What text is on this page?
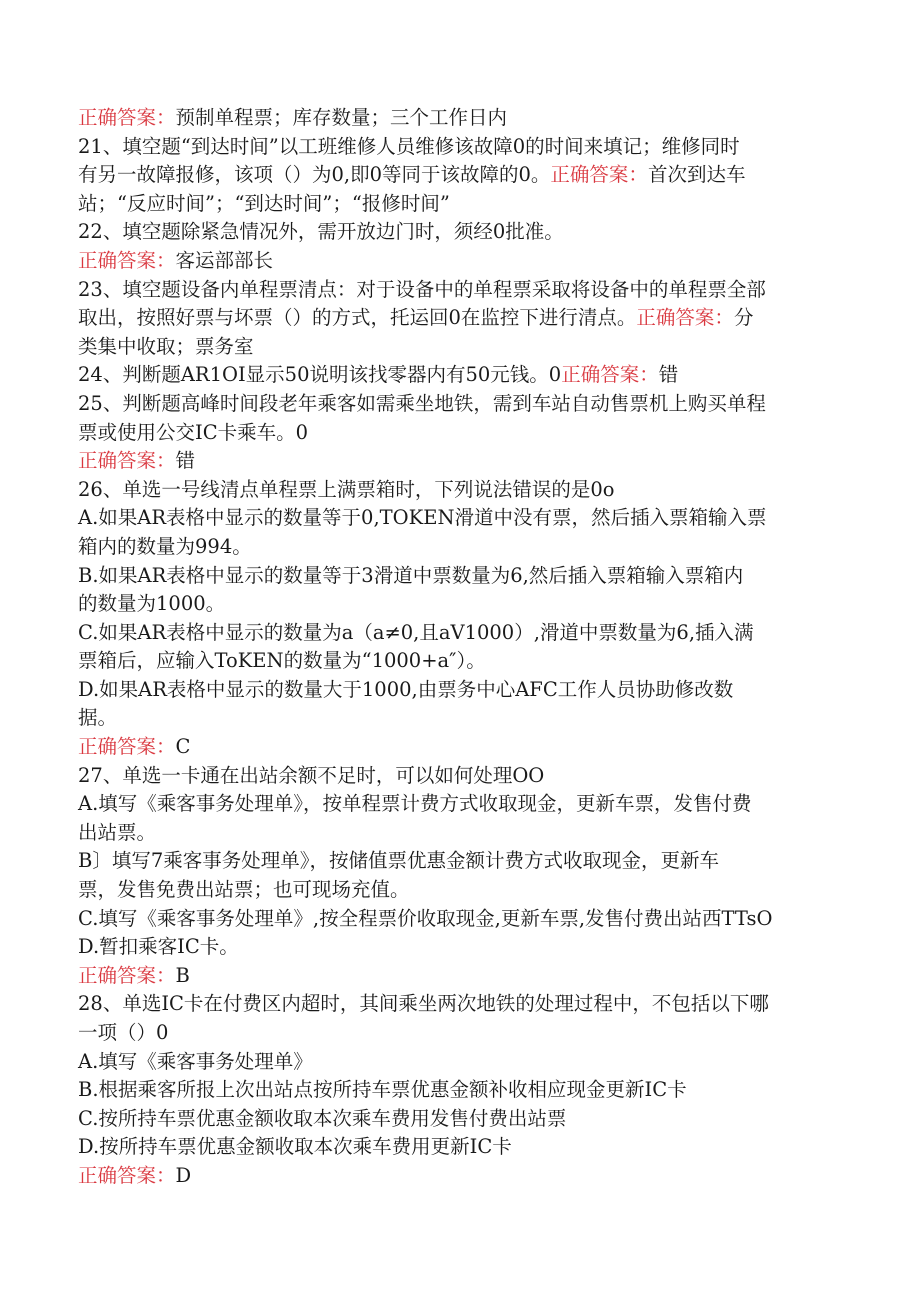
正确答案：预制单程票；库存数量；三个工作日内
21、填空题“到达时间”以工班维修人员维修该故障0的时间来填记；维修同时
有另一故障报修，该项（）为0,即0等同于该故障的0。正确答案：首次到达车
站；“反应时间”；“到达时间”；“报修时间”
22、填空题除紧急情况外，需开放边门时，须经0批准。
正确答案：客运部部长
23、填空题设备内单程票清点：对于设备中的单程票采取将设备中的单程票全部
取出，按照好票与坏票（）的方式，托运回0在监控下进行清点。正确答案：分
类集中收取；票务室
24、判断题AR1OI显示50说明该找零器内有50元钱。0正确答案：错
25、判断题高峰时间段老年乘客如需乘坐地铁，需到车站自动售票机上购买单程
票或使用公交IC卡乘车。0
正确答案：错
26、单选一号线清点单程票上满票箱时，下列说法错误的是0o
A.如果AR表格中显示的数量等于0,TOKEN滑道中没有票，然后插入票箱输入票
箱内的数量为994。
B.如果AR表格中显示的数量等于3滑道中票数量为6,然后插入票箱输入票箱内
的数量为1000。
C.如果AR表格中显示的数量为a（a≠0,且aV1000）,滑道中票数量为6,插入满
票箱后，应输入ToKEN的数量为“1000+a″）。
D.如果AR表格中显示的数量大于1000,由票务中心AFC工作人员协助修改数
据。
正确答案：C
27、单选一卡通在出站余额不足时，可以如何处理OO
A.填写《乘客事务处理单》，按单程票计费方式收取现金，更新车票，发售付费
出站票。
B〕填写7乘客事务处理单》，按储值票优惠金额计费方式收取现金，更新车
票，发售免费出站票；也可现场充值。
C.填写《乘客事务处理单》,按全程票价收取现金,更新车票,发售付费出站西TTsO
D.暂扣乘客IC卡。
正确答案：B
28、单选IC卡在付费区内超时，其间乘坐两次地铁的处理过程中，不包括以下哪
一项（）0
A.填写《乘客事务处理单》
B.根据乘客所报上次出站点按所持车票优惠金额补收相应现金更新IC卡
C.按所持车票优惠金额收取本次乘车费用发售付费出站票
D.按所持车票优惠金额收取本次乘车费用更新IC卡
正确答案：D
